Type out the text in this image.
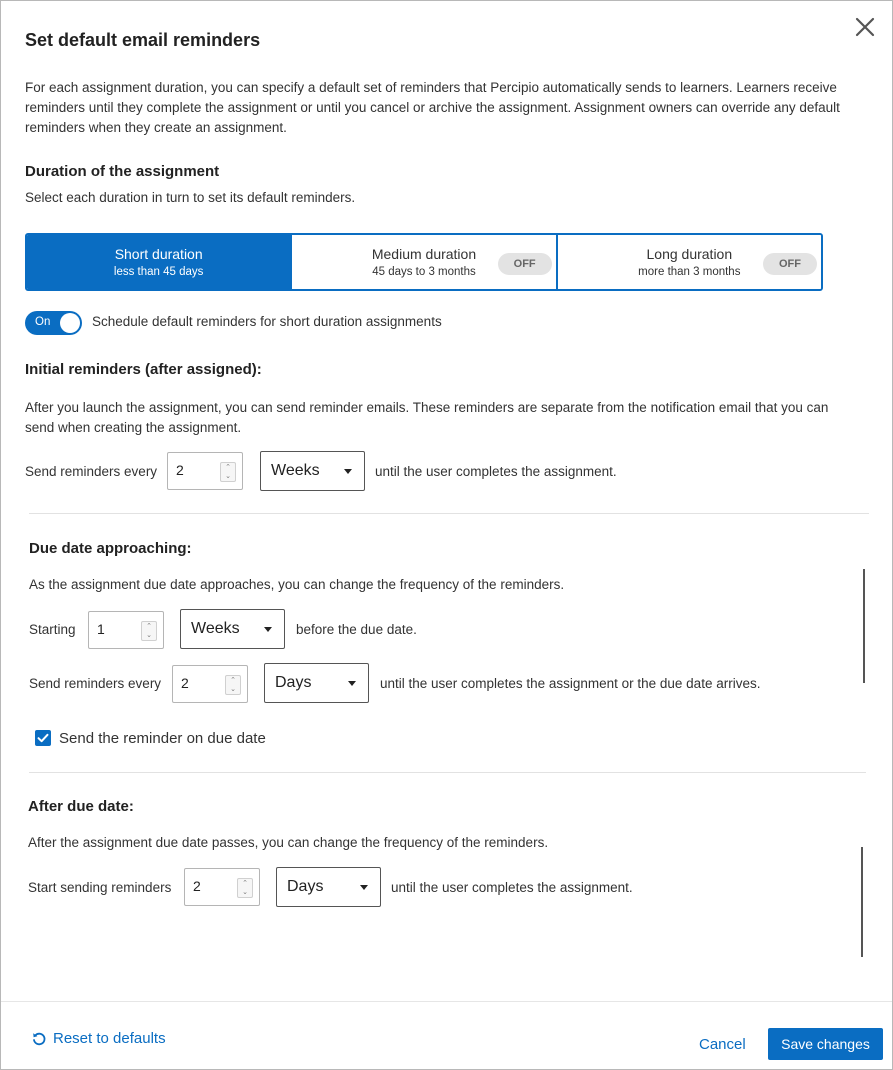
Set default email reminders
For each assignment duration, you can specify a default set of reminders that Percipio automatically sends to learners. Learners receive reminders until they complete the assignment or until you cancel or archive the assignment. Assignment owners can override any default reminders when they create an assignment.
Duration of the assignment
Select each duration in turn to set its default reminders.
Short duration
less than 45 days
Medium duration
45 days to 3 months
OFF
Long duration
more than 3 months
OFF
On	Schedule default reminders for short duration assignments
Initial reminders (after assigned):
After you launch the assignment, you can send reminder emails. These reminders are separate from the notification email that you can send when creating the assignment.
Send reminders every
2	⌃
⌄	Weeks	until the user completes the assignment.
Due date approaching:
As the assignment due date approaches, you can change the frequency of the reminders.
Starting
1	⌃
⌄ Weeks	before the due date.
Send reminders every
2	⌃
⌄ Days	until the user completes the assignment or the due date arrives.
Send the reminder on due date
After due date:
After the assignment due date passes, you can change the frequency of the reminders.
Start sending reminders
2	⌃
⌄ Days	until the user completes the assignment.
Reset to defaults	Cancel	Save changes
